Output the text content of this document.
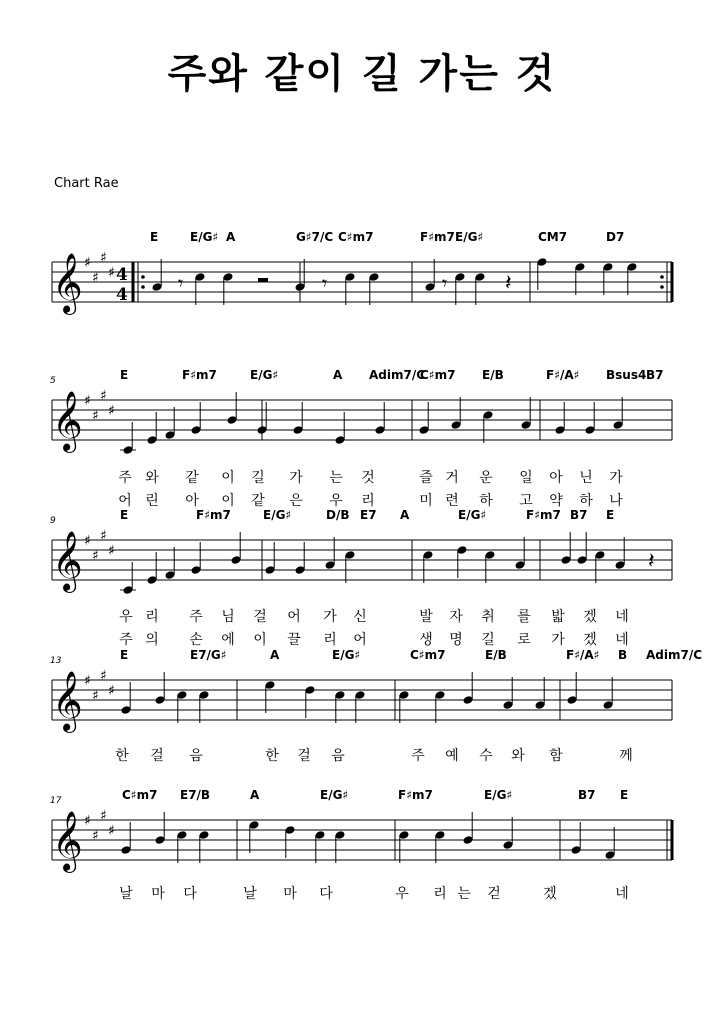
주와 같이 길 가는 것
Chart Rae
E	E/G♯ A	G♯7/C C♯m7	F♯m7 E/G♯	CM7	D7
𝄞 ♯
♯
♯
♯ 4
4	𝄾	𝄾	𝄾	𝄽
5	E	F♯m7	E/G♯	A Adim7/C
C♯m7 E/B	F♯/A♯ Bsus4 B7
𝄞 ♯
♯
♯
♯
주 와	같	이	길	가	는	것	즐 거	운	일	아	닌	가
어 린	아	이	같	은	우	리	미 련	하	고	약	하	나
9	E	F♯m7	E/G♯	D/B E7 A	E/G♯	F♯m7 B7 E
𝄞 ♯
♯
♯
♯	𝄽
우 리	주	님	걸	어	가	신	발	자	취	를	밟	겠	네
주 의	손	에	이	끌	리	어	생	명	길	로	가	겠	네
13	E	E7/G♯	A	E/G♯	C♯m7	E/B	F♯/A♯ B Adim7/C
𝄞 ♯
♯
♯
♯
한	걸	음	한	걸	음	주	예	수	와	함	께
17	C♯m7 E7/B	A	E/G♯	F♯m7	E/G♯	B7 E
𝄞 ♯
♯
♯
♯
날	마	다	날	마	다	우	리 는	걷	겠	네
